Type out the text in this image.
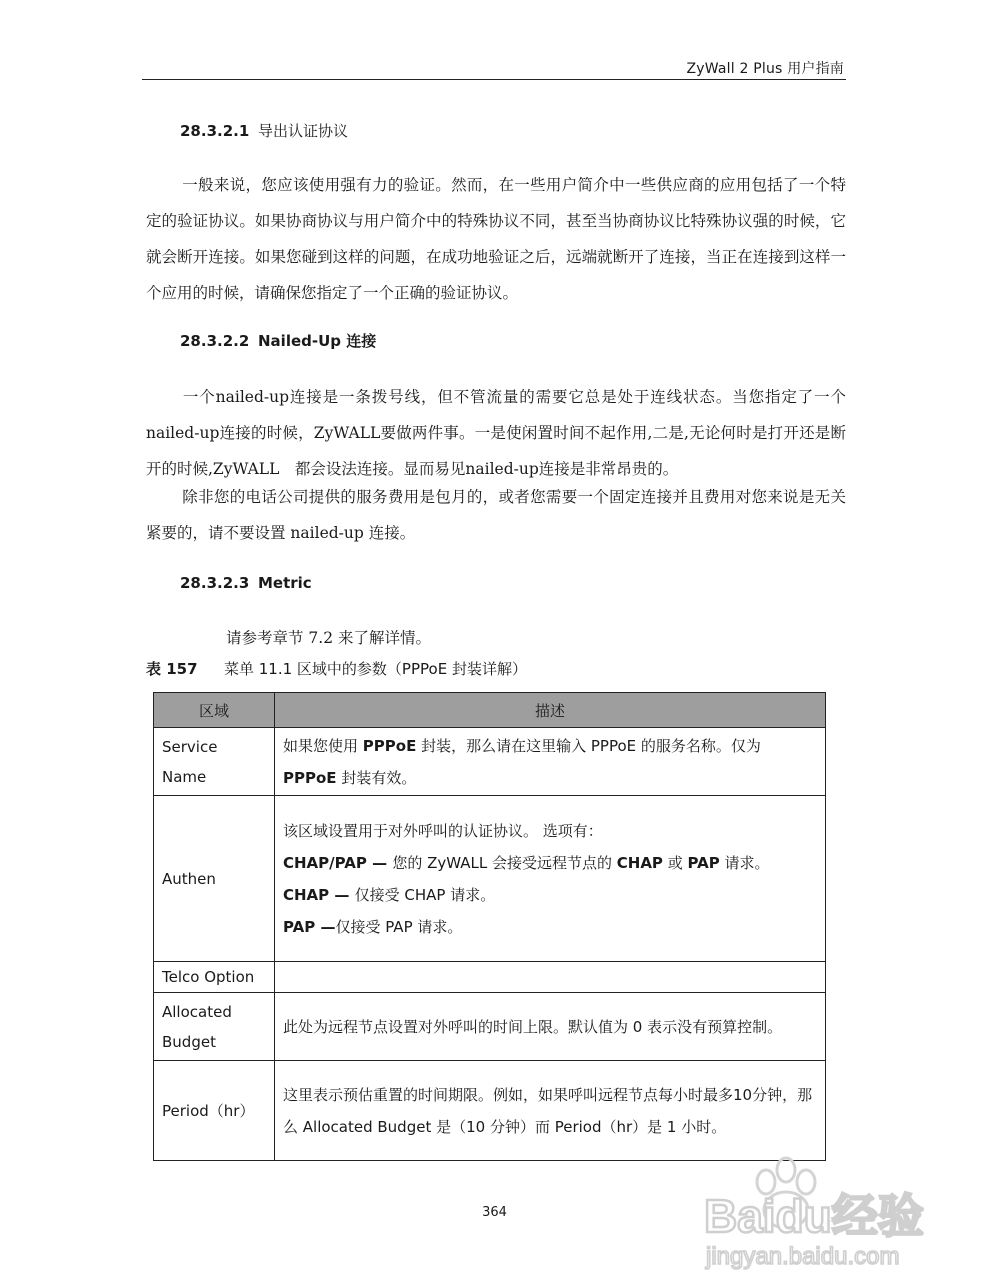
ZyWall 2 Plus 用户指南
28.3.2.1 导出认证协议
一般来说，您应该使用强有力的验证。然而，在一些用户简介中一些供应商的应用包括了一个特定的验证协议。如果协商协议与用户简介中的特殊协议不同，甚至当协商协议比特殊协议强的时候，它就会断开连接。如果您碰到这样的问题，在成功地验证之后，远端就断开了连接，当正在连接到这样一个应用的时候，请确保您指定了一个正确的验证协议。
28.3.2.2 Nailed-Up 连接
一个nailed-up连接是一条拨号线，但不管流量的需要它总是处于连线状态。当您指定了一个nailed-up连接的时候，ZyWALL要做两件事。一是使闲置时间不起作用,二是,无论何时是打开还是断开的时候,ZyWALL　都会设法连接。显而易见nailed-up连接是非常昂贵的。
除非您的电话公司提供的服务费用是包月的，或者您需要一个固定连接并且费用对您来说是无关紧要的，请不要设置 nailed-up 连接。
28.3.2.3 Metric
请参考章节 7.2 来了解详情。
表 157 菜单 11.1 区域中的参数（PPPoE 封装详解）
区域	描述
Service
Name	如果您使用 PPPoE 封装，那么请在这里输入 PPPoE 的服务名称。仅为 PPPoE 封装有效。
Authen	该区域设置用于对外呼叫的认证协议。 选项有：
CHAP/PAP — 您的 ZyWALL 会接受远程节点的 CHAP 或 PAP 请求。
CHAP — 仅接受 CHAP 请求。
PAP —仅接受 PAP 请求。

Telco Option	
Allocated
Budget	此处为远程节点设置对外呼叫的时间上限。默认值为 0 表示没有预算控制。
Period（hr）	这里表示预估重置的时间期限。例如，如果呼叫远程节点每小时最多10分钟，那么 Allocated Budget 是（10 分钟）而 Period（hr）是 1 小时。
364	Baidu经验
jingyan.baidu.com
